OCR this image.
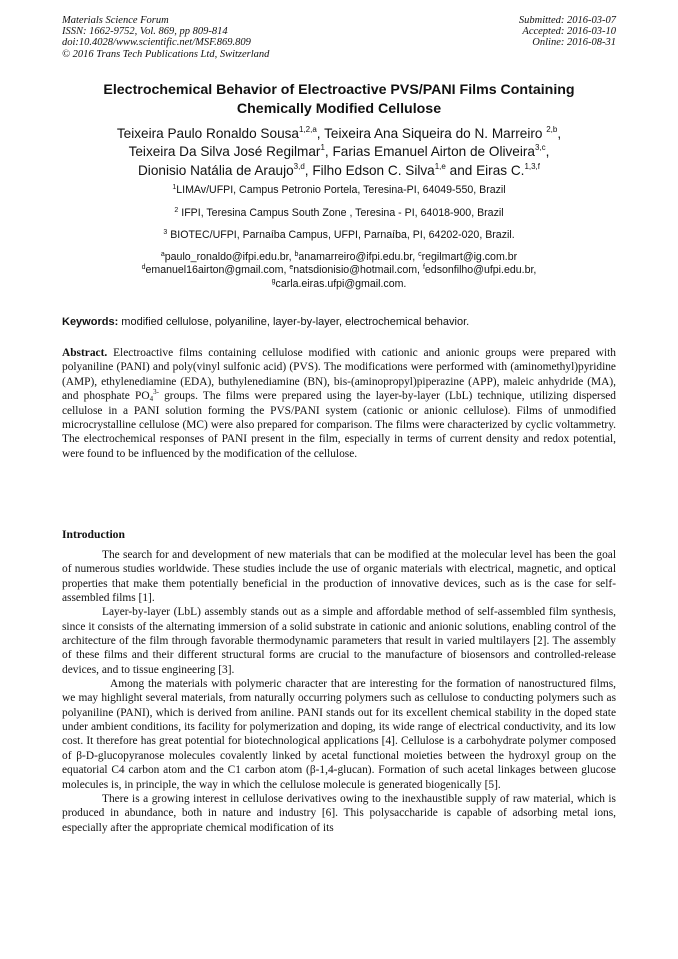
Materials Science Forum
ISSN: 1662-9752, Vol. 869, pp 809-814
doi:10.4028/www.scientific.net/MSF.869.809
© 2016 Trans Tech Publications Ltd, Switzerland
Submitted: 2016-03-07
Accepted: 2016-03-10
Online: 2016-08-31
Electrochemical Behavior of Electroactive PVS/PANI Films Containing
Chemically Modified Cellulose
Teixeira Paulo Ronaldo Sousa$^{1,2,a}$, Teixeira Ana Siqueira do N. Marreiro $^{2,b}$,
Teixeira Da Silva José Regilmar$^1$, Farias Emanuel Airton de Oliveira$^{3,c}$,
Dionisio Natália de Araujo$^{3,d}$, Filho Edson C. Silva$^{1,e}$ and Eiras C.$^{1,3,f}$
$^1$LIMAv/UFPI, Campus Petronio Portela, Teresina-PI, 64049-550, Brazil
$^2$ IFPI, Teresina Campus South Zone , Teresina - PI, 64018-900, Brazil
$^3$ BIOTEC/UFPI, Parnaíba Campus, UFPI, Parnaíba, PI, 64202-020, Brazil.
$^a$paulo_ronaldo@ifpi.edu.br, $^b$anamarreiro@ifpi.edu.br, $^c$regilmart@ig.com.br
$^d$emanuel16airton@gmail.com, $^e$natsdionisio@hotmail.com, $^f$edsonfilho@ufpi.edu.br,
$^g$carla.eiras.ufpi@gmail.com.
Keywords: modified cellulose, polyaniline, layer-by-layer, electrochemical behavior.
Abstract. Electroactive films containing cellulose modified with cationic and anionic groups were prepared with polyaniline (PANI) and poly(vinyl sulfonic acid) (PVS). The modifications were performed with (aminomethyl)pyridine (AMP), ethylenediamine (EDA), buthylenediamine (BN), bis-(aminopropyl)piperazine (APP), maleic anhydride (MA), and phosphate $PO_4^{3-}$ groups. The films were prepared using the layer-by-layer (LbL) technique, utilizing dispersed cellulose in a PANI solution forming the PVS/PANI system (cationic or anionic cellulose). Films of unmodified microcrystalline cellulose (MC) were also prepared for comparison. The films were characterized by cyclic voltammetry. The electrochemical responses of PANI present in the film, especially in terms of current density and redox potential, were found to be influenced by the modification of the cellulose.
Introduction

The search for and development of new materials that can be modified at the molecular level has been the goal of numerous studies worldwide. These studies include the use of organic materials with electrical, magnetic, and optical properties that make them potentially beneficial in the production of innovative devices, such as is the case for self-assembled films [1].

Layer-by-layer (LbL) assembly stands out as a simple and affordable method of self-assembled film synthesis, since it consists of the alternating immersion of a solid substrate in cationic and anionic solutions, enabling control of the architecture of the film through favorable thermodynamic parameters that result in varied multilayers [2]. The assembly of these films and their different structural forms are crucial to the manufacture of biosensors and controlled-release devices, and to tissue engineering [3].

Among the materials with polymeric character that are interesting for the formation of nanostructured films, we may highlight several materials, from naturally occurring polymers such as cellulose to conducting polymers such as polyaniline (PANI), which is derived from aniline. PANI stands out for its excellent chemical stability in the doped state under ambient conditions, its facility for polymerization and doping, its wide range of electrical conductivity, and its low cost. It therefore has great potential for biotechnological applications [4]. Cellulose is a carbohydrate polymer composed of β-D-glucopyranose molecules covalently linked by acetal functional moieties between the hydroxyl group on the equatorial C4 carbon atom and the C1 carbon atom (β-1,4-glucan). Formation of such acetal linkages between glucose molecules is, in principle, the way in which the cellulose molecule is generated biogenically [5].

There is a growing interest in cellulose derivatives owing to the inexhaustible supply of raw material, which is produced in abundance, both in nature and industry [6]. This polysaccharide is capable of adsorbing metal ions, especially after the appropriate chemical modification of its
